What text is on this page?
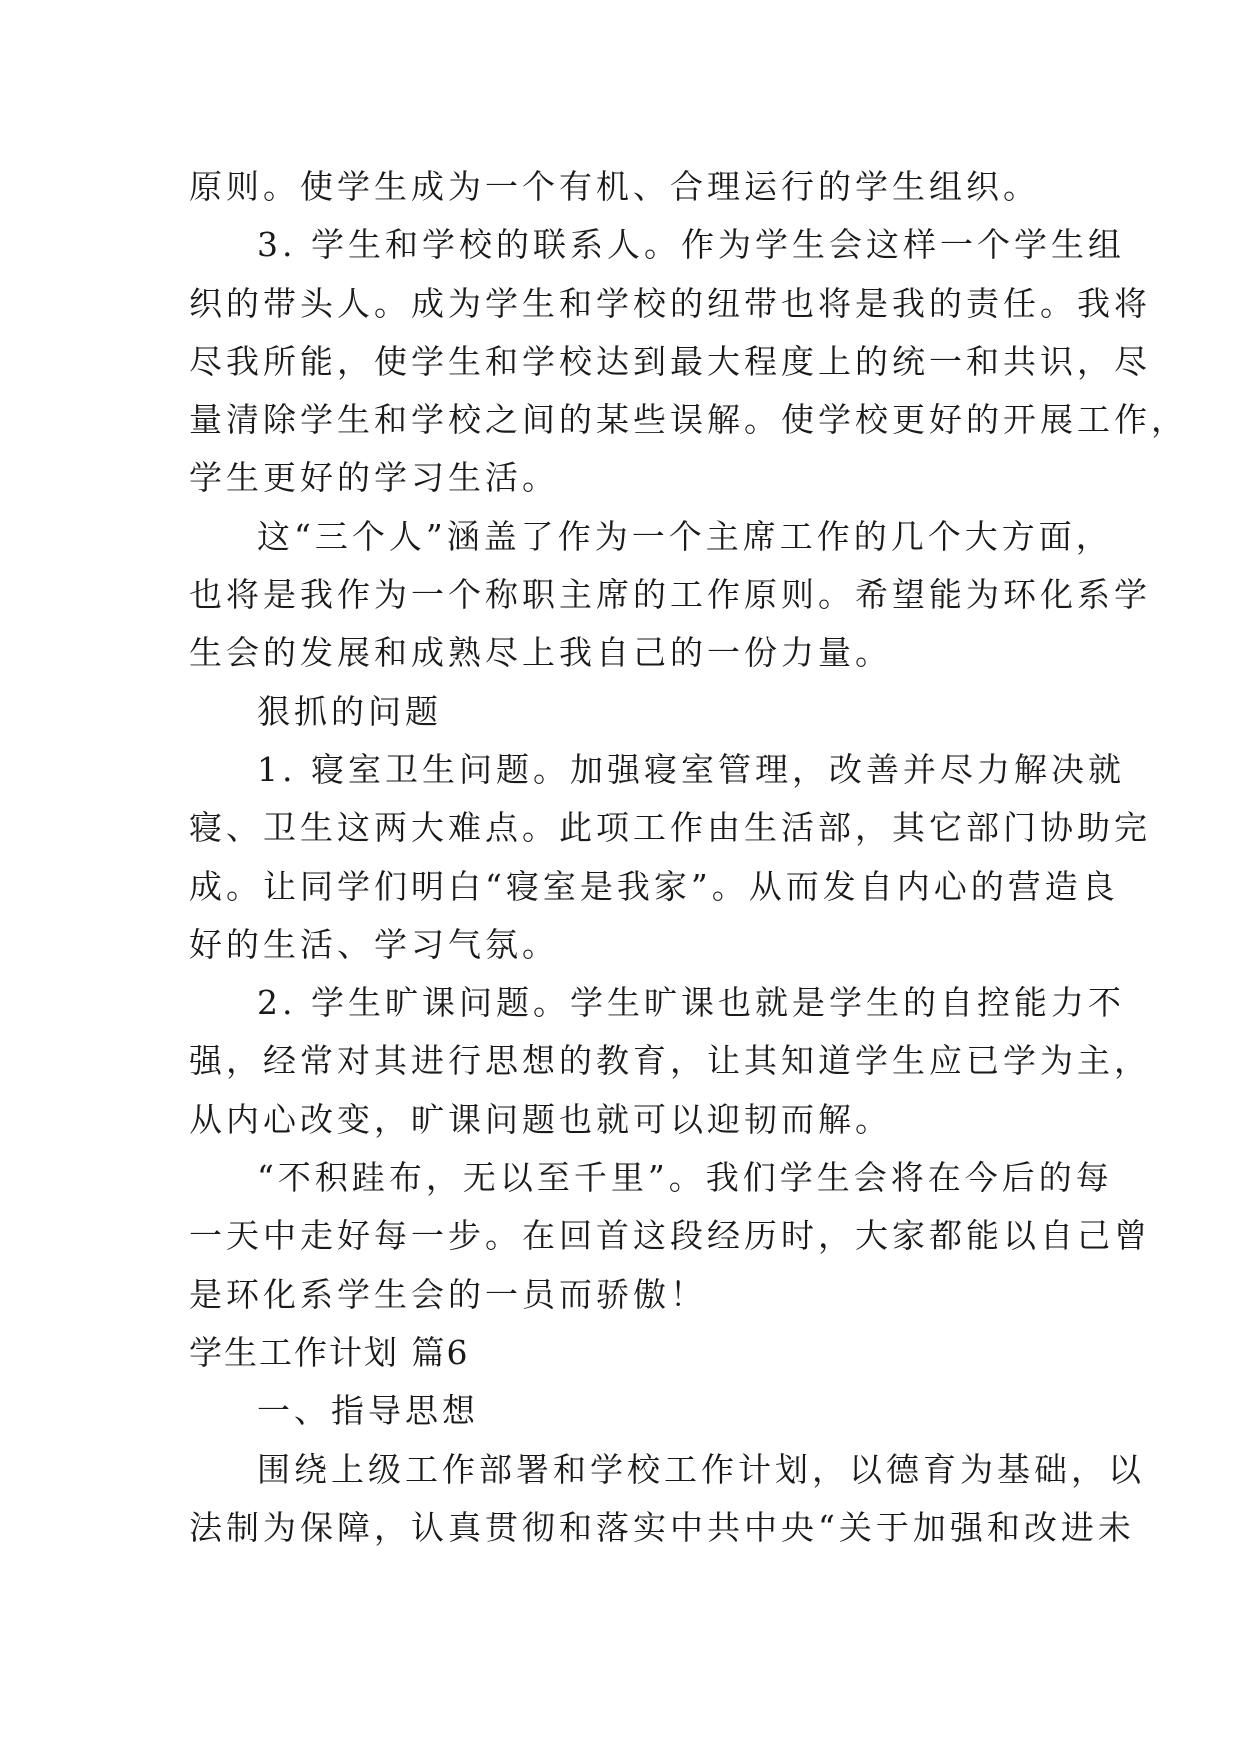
原则。使学生成为一个有机、合理运行的学生组织。
3. 学生和学校的联系人。作为学生会这样一个学生组
织的带头人。成为学生和学校的纽带也将是我的责任。我将
尽我所能，使学生和学校达到最大程度上的统一和共识，尽
量清除学生和学校之间的某些误解。使学校更好的开展工作，
学生更好的学习生活。
这“三个人”涵盖了作为一个主席工作的几个大方面，
也将是我作为一个称职主席的工作原则。希望能为环化系学
生会的发展和成熟尽上我自己的一份力量。
狠抓的问题
1. 寝室卫生问题。加强寝室管理，改善并尽力解决就
寝、卫生这两大难点。此项工作由生活部，其它部门协助完
成。让同学们明白“寝室是我家”。从而发自内心的营造良
好的生活、学习气氛。
2. 学生旷课问题。学生旷课也就是学生的自控能力不
强，经常对其进行思想的教育，让其知道学生应已学为主，
从内心改变，旷课问题也就可以迎韧而解。
“不积跬布，无以至千里”。我们学生会将在今后的每
一天中走好每一步。在回首这段经历时，大家都能以自己曾
是环化系学生会的一员而骄傲！
学生工作计划 篇6
一、指导思想
围绕上级工作部署和学校工作计划，以德育为基础，以
法制为保障，认真贯彻和落实中共中央“关于加强和改进未
